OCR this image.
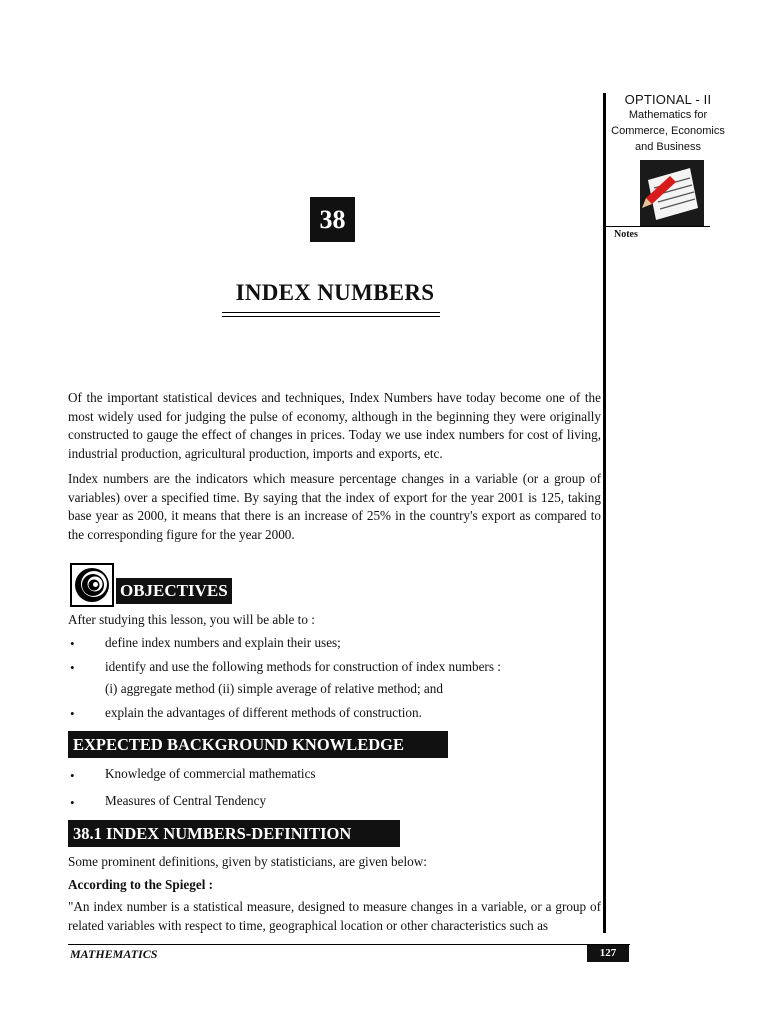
OPTIONAL - II
Mathematics for
Commerce, Economics
and Business
Notes
38
INDEX NUMBERS
Of the important statistical devices and techniques, Index Numbers have today become one of the most widely used for judging the pulse of economy, although in the beginning they were originally constructed to gauge the effect of changes in prices. Today we use index numbers for cost of living, industrial production, agricultural production, imports and exports, etc.
Index numbers are the indicators which measure percentage changes in a variable (or a group of variables) over a specified time. By saying that the index of export for the year 2001 is 125, taking base year as 2000, it means that there is an increase of 25% in the country's export as compared to the corresponding figure for the year 2000.
OBJECTIVES
After studying this lesson, you will be able to :
• define index numbers and explain their uses;
• identify and use the following methods for construction of index numbers :
(i) aggregate method (ii) simple average of relative method; and
• explain the advantages of different methods of construction.
EXPECTED BACKGROUND KNOWLEDGE
• Knowledge of commercial mathematics
• Measures of Central Tendency
38.1 INDEX NUMBERS-DEFINITION
Some prominent definitions, given by statisticians, are given below:
According to the Spiegel :
"An index number is a statistical measure, designed to measure changes in a variable, or a group of related variables with respect to time, geographical location or other characteristics such as
MATHEMATICS	127
